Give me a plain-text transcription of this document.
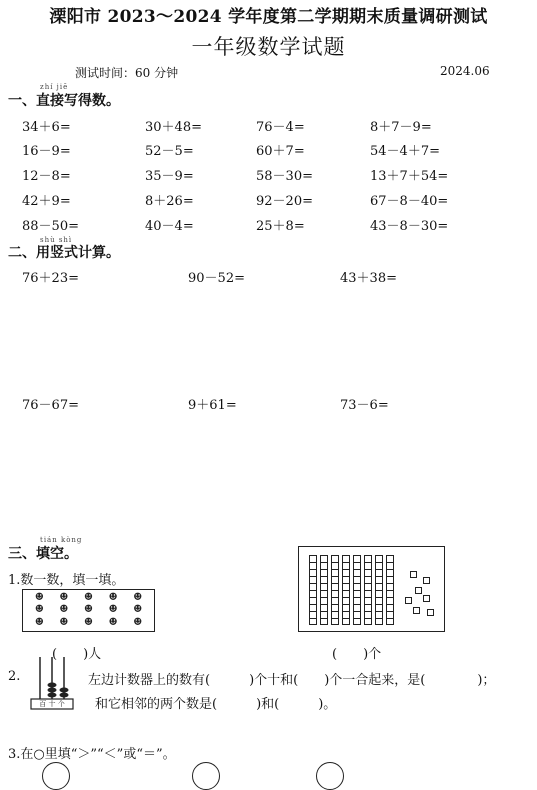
溧阳市 2023～2024 学年度第二学期期末质量调研测试
一年级数学试题
测试时间：60 分钟	2024.06
zhí jiē
一、直接写得数。
34＋6=	30＋48=	76－4=	8＋7－9=
16－9=	52－5=	60＋7=	54－4＋7=
12－8=	35－9=	58－30=	13＋7＋54=
42＋9=	8＋26=	92－20=	67－8－40=
88－50=	40－4=	25＋8=	43－8－30=
shù shì
二、用竖式计算。
76＋23=	90－52=	43＋38=
76－67=	9＋61=	73－6=
tián kòng
三、填空。
1.数一数，填一填。
☻	☻	☻	☻	☻
☻	☻	☻	☻	☻
☻	☻	☻	☻	☻
(　　)人	(　　)个
2.
百 十 个
左边计数器上的数有(　　　)个十和(　　)个一合起来，是(　　　　)；
和它相邻的两个数是(　　　)和(　　　)。
3.在○里填“＞”“＜”或“＝”。
